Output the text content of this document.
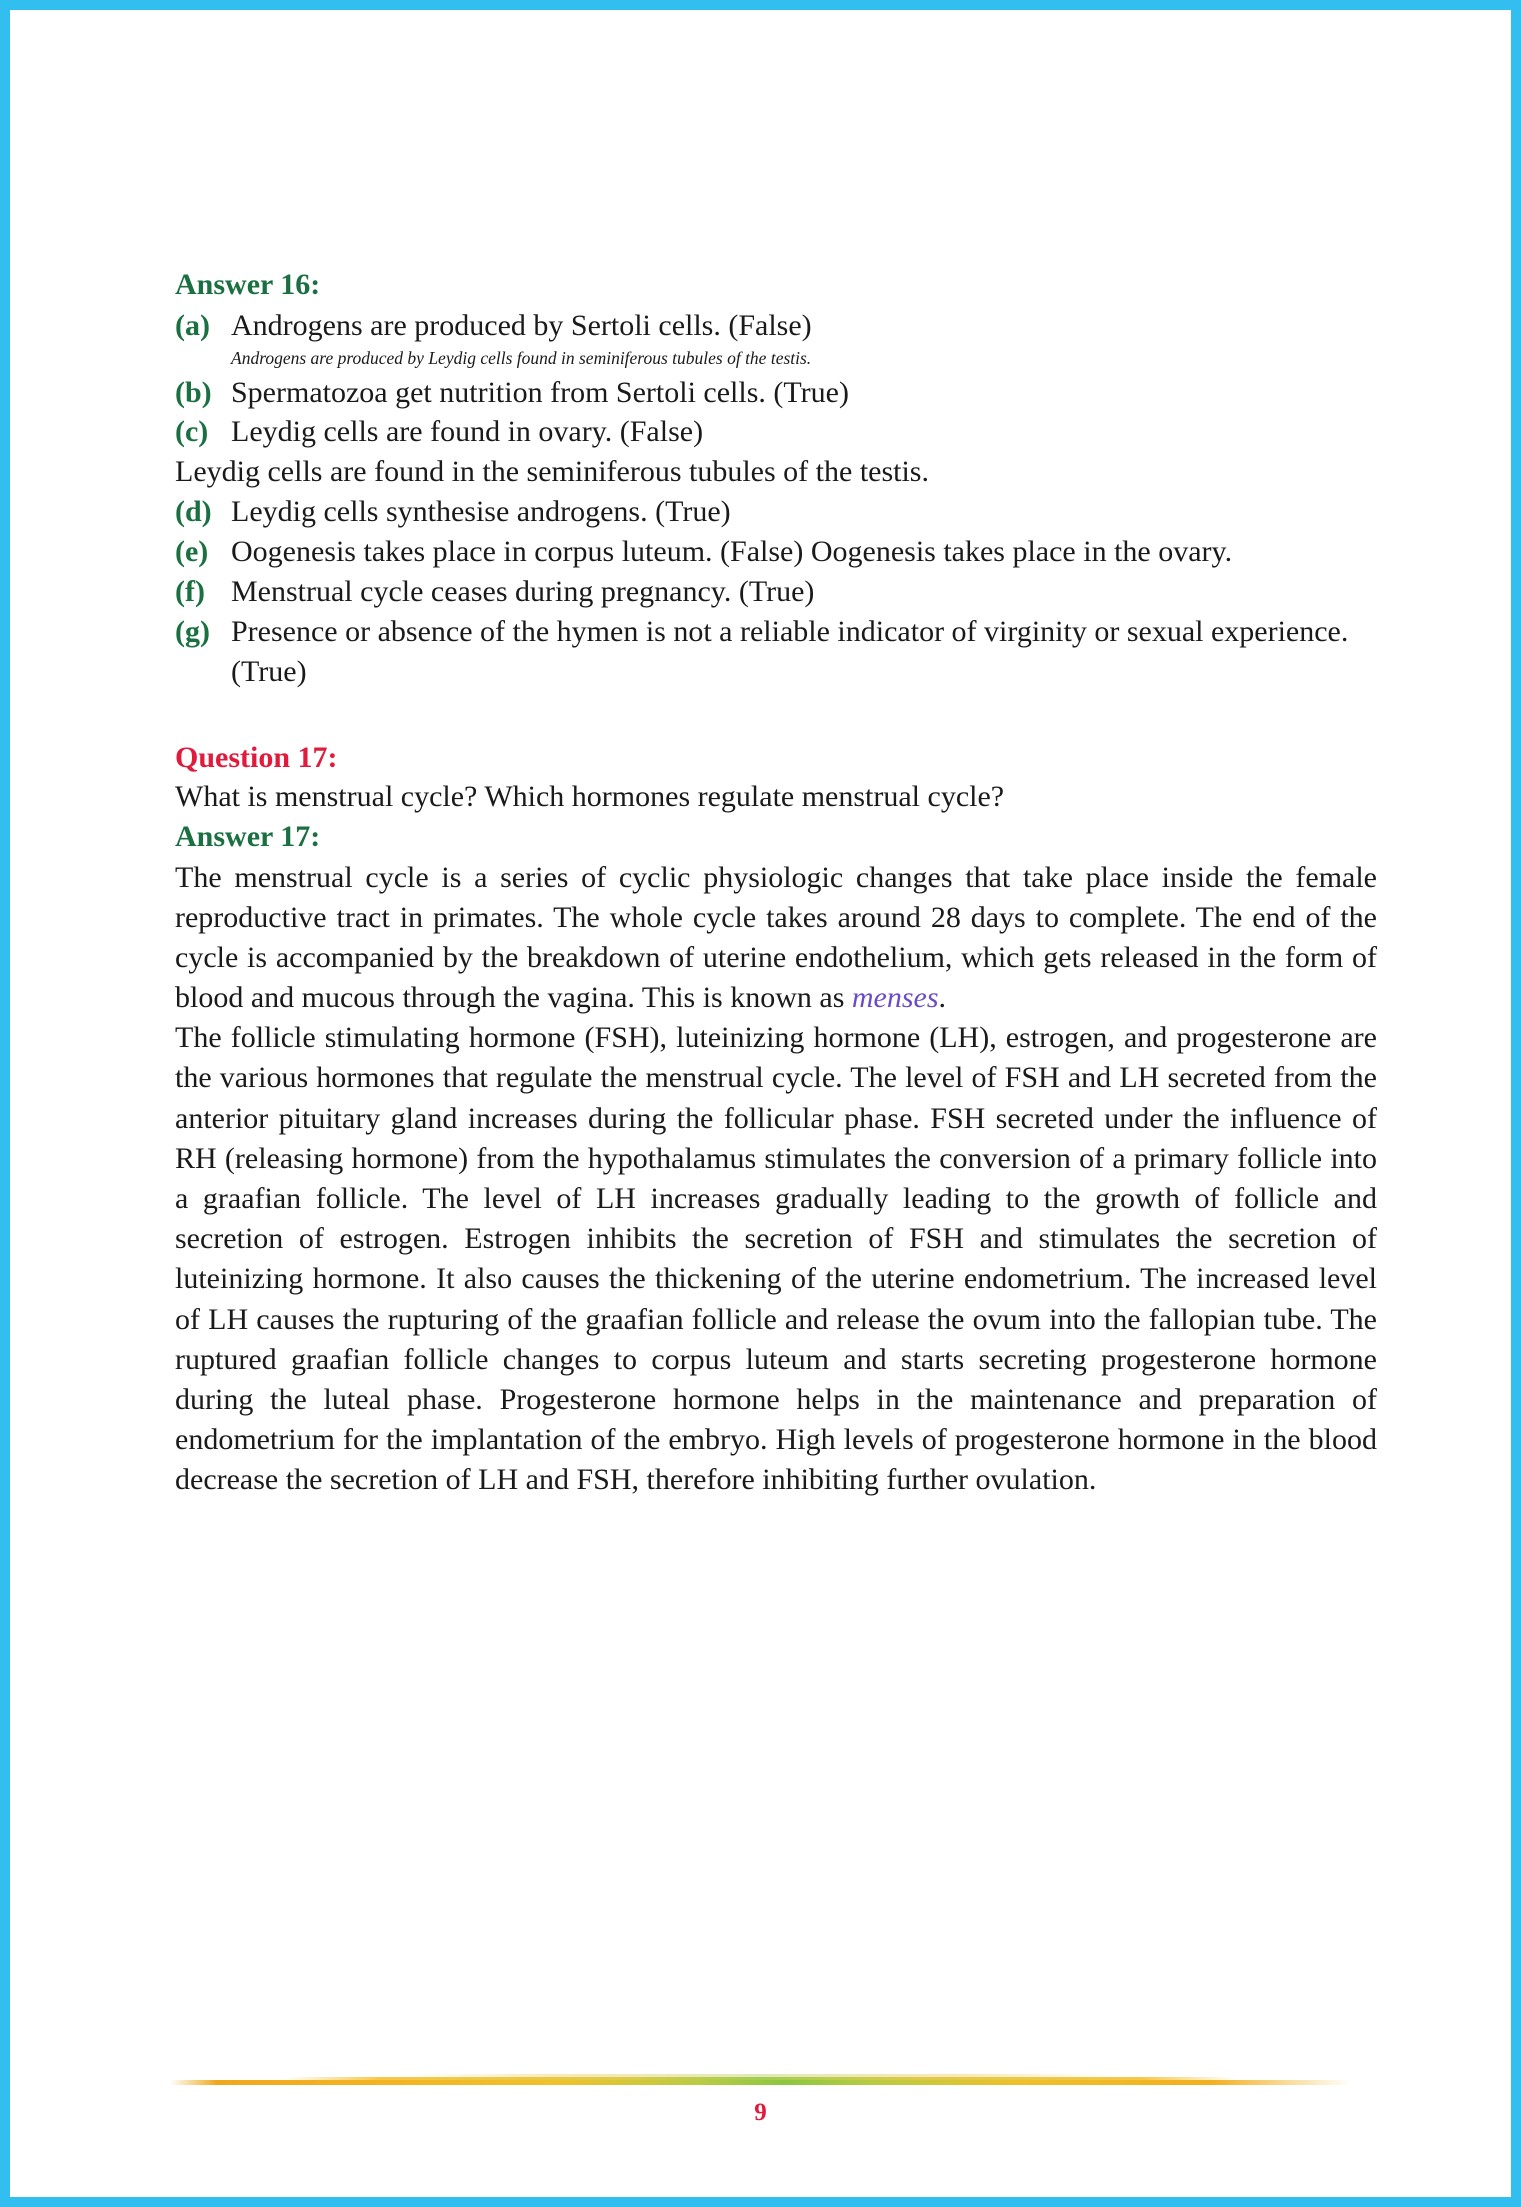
Answer 16:
(a) Androgens are produced by Sertoli cells. (False)
Androgens are produced by Leydig cells found in seminiferous tubules of the testis.
(b) Spermatozoa get nutrition from Sertoli cells. (True)
(c) Leydig cells are found in ovary. (False)
Leydig cells are found in the seminiferous tubules of the testis.
(d) Leydig cells synthesise androgens. (True)
(e) Oogenesis takes place in corpus luteum. (False) Oogenesis takes place in the ovary.
(f) Menstrual cycle ceases during pregnancy. (True)
(g) Presence or absence of the hymen is not a reliable indicator of virginity or sexual experience. (True)
Question 17:
What is menstrual cycle? Which hormones regulate menstrual cycle?
Answer 17:

The menstrual cycle is a series of cyclic physiologic changes that take place inside the female reproductive tract in primates. The whole cycle takes around 28 days to complete. The end of the cycle is accompanied by the breakdown of uterine endothelium, which gets released in the form of blood and mucous through the vagina. This is known as menses.

The follicle stimulating hormone (FSH), luteinizing hormone (LH), estrogen, and progesterone are the various hormones that regulate the menstrual cycle. The level of FSH and LH secreted from the anterior pituitary gland increases during the follicular phase. FSH secreted under the influence of RH (releasing hormone) from the hypothalamus stimulates the conversion of a primary follicle into a graafian follicle. The level of LH increases gradually leading to the growth of follicle and secretion of estrogen. Estrogen inhibits the secretion of FSH and stimulates the secretion of luteinizing hormone. It also causes the thickening of the uterine endometrium. The increased level of LH causes the rupturing of the graafian follicle and release the ovum into the fallopian tube. The ruptured graafian follicle changes to corpus luteum and starts secreting progesterone hormone during the luteal phase. Progesterone hormone helps in the maintenance and preparation of endometrium for the implantation of the embryo. High levels of progesterone hormone in the blood decrease the secretion of LH and FSH, therefore inhibiting further ovulation.

9
